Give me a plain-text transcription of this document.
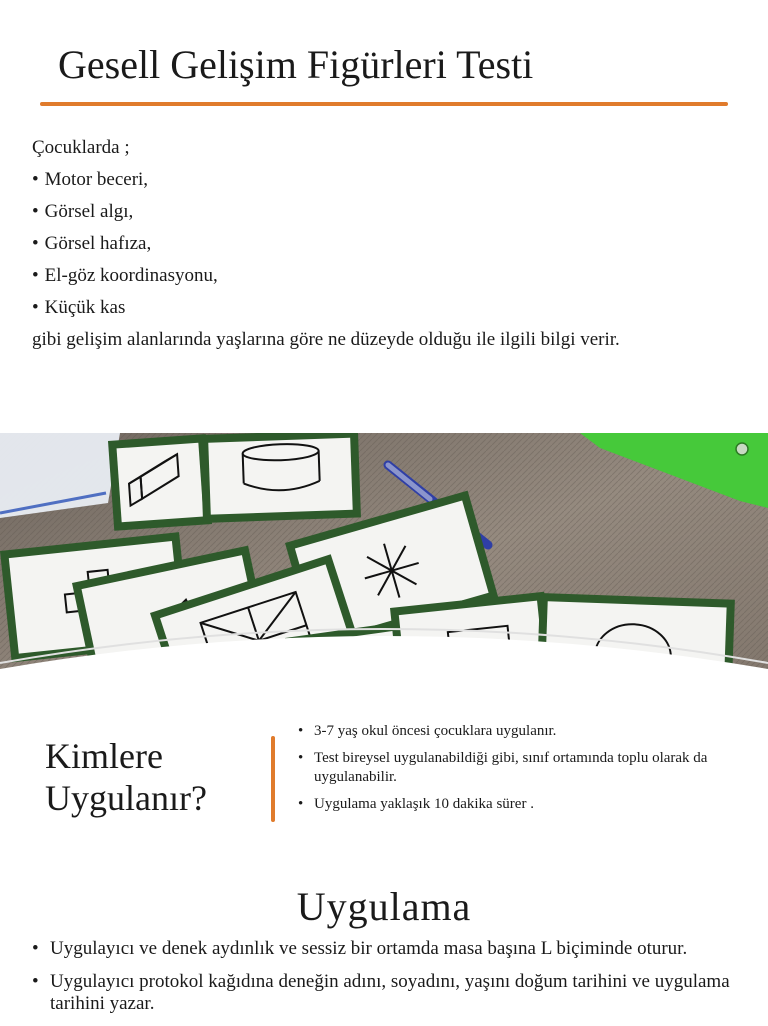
Gesell Gelişim Figürleri Testi
Çocuklarda ;
• Motor beceri,
• Görsel algı,
• Görsel hafıza,
• El-göz koordinasyonu,
• Küçük kas
gibi gelişim alanlarında yaşlarına göre ne düzeyde olduğu ile ilgili bilgi verir.
Kimlere
Uygulanır?
• 3-7 yaş okul öncesi çocuklara uygulanır.
• Test bireysel uygulanabildiği gibi, sınıf ortamında toplu olarak da uygulanabilir.
• Uygulama yaklaşık 10 dakika sürer .
Uygulama
• Uygulayıcı ve denek aydınlık ve sessiz bir ortamda masa başına L biçiminde oturur.
• Uygulayıcı protokol kağıdına deneğin adını, soyadını, yaşını doğum tarihini ve uygulama tarihini yazar.
